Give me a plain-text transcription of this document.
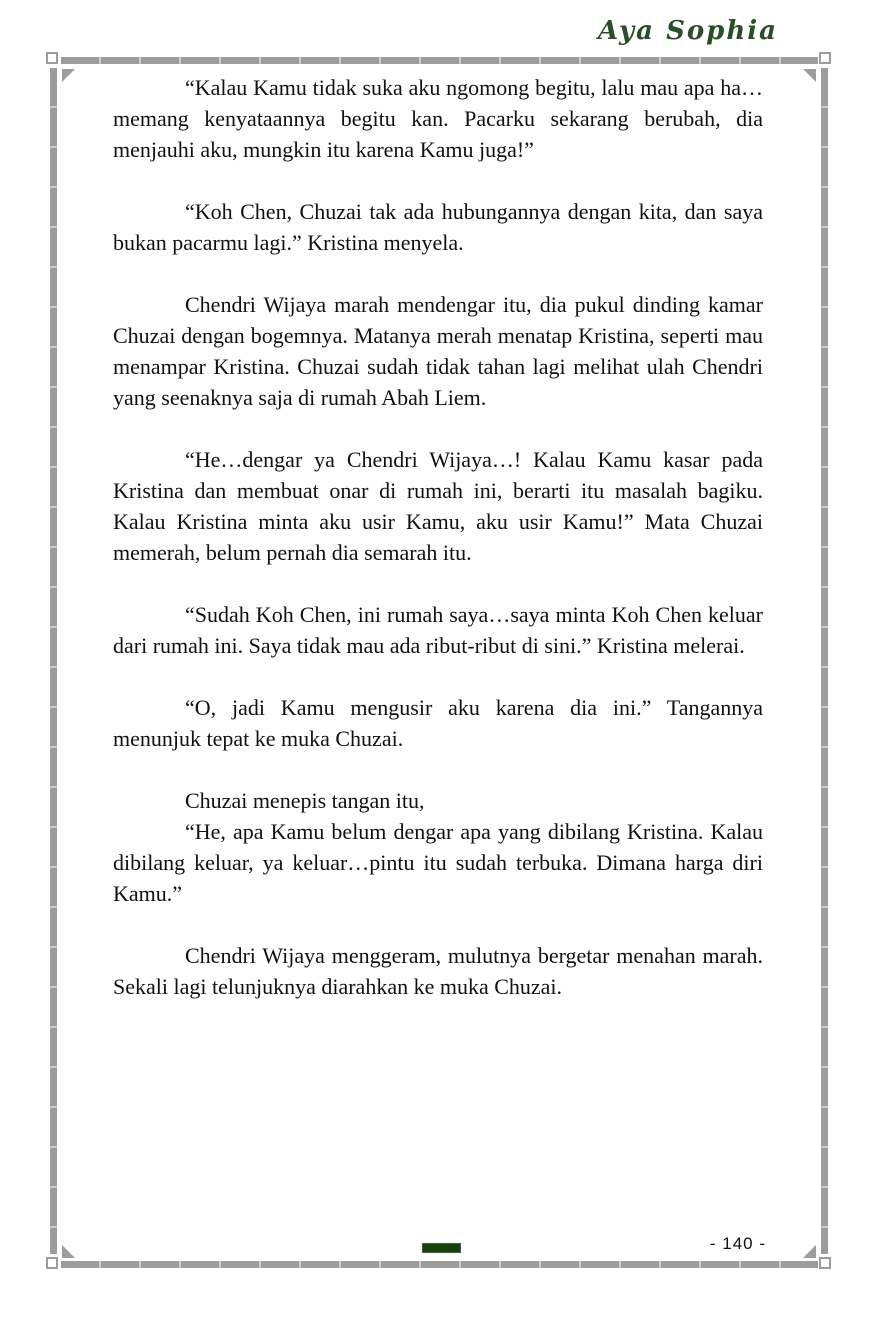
Aya Sophia

“Kalau Kamu tidak suka aku ngomong begitu, lalu mau apa ha…memang kenyataannya begitu kan. Pacarku sekarang berubah, dia menjauhi aku, mungkin itu karena Kamu juga!”

“Koh Chen, Chuzai tak ada hubungannya dengan kita, dan saya bukan pacarmu lagi.” Kristina menyela.

Chendri Wijaya marah mendengar itu, dia pukul dinding kamar Chuzai dengan bogemnya. Matanya merah menatap Kristina, seperti mau menampar Kristina. Chuzai sudah tidak tahan lagi melihat ulah Chendri yang seenaknya saja di rumah Abah Liem.

“He…dengar ya Chendri Wijaya…! Kalau Kamu kasar pada Kristina dan membuat onar di rumah ini, berarti itu masalah bagiku. Kalau Kristina minta aku usir Kamu, aku usir Kamu!” Mata Chuzai memerah, belum pernah dia semarah itu.

“Sudah Koh Chen, ini rumah saya…saya minta Koh Chen keluar dari rumah ini. Saya tidak mau ada ribut-ribut di sini.” Kristina melerai.

“O, jadi Kamu mengusir aku karena dia ini.” Tangannya menunjuk tepat ke muka Chuzai.

Chuzai menepis tangan itu,

“He, apa Kamu belum dengar apa yang dibilang Kristina. Kalau dibilang keluar, ya keluar…pintu itu sudah terbuka. Dimana harga diri Kamu.”

Chendri Wijaya menggeram, mulutnya bergetar menahan marah. Sekali lagi telunjuknya diarahkan ke muka Chuzai.

- 140 -
